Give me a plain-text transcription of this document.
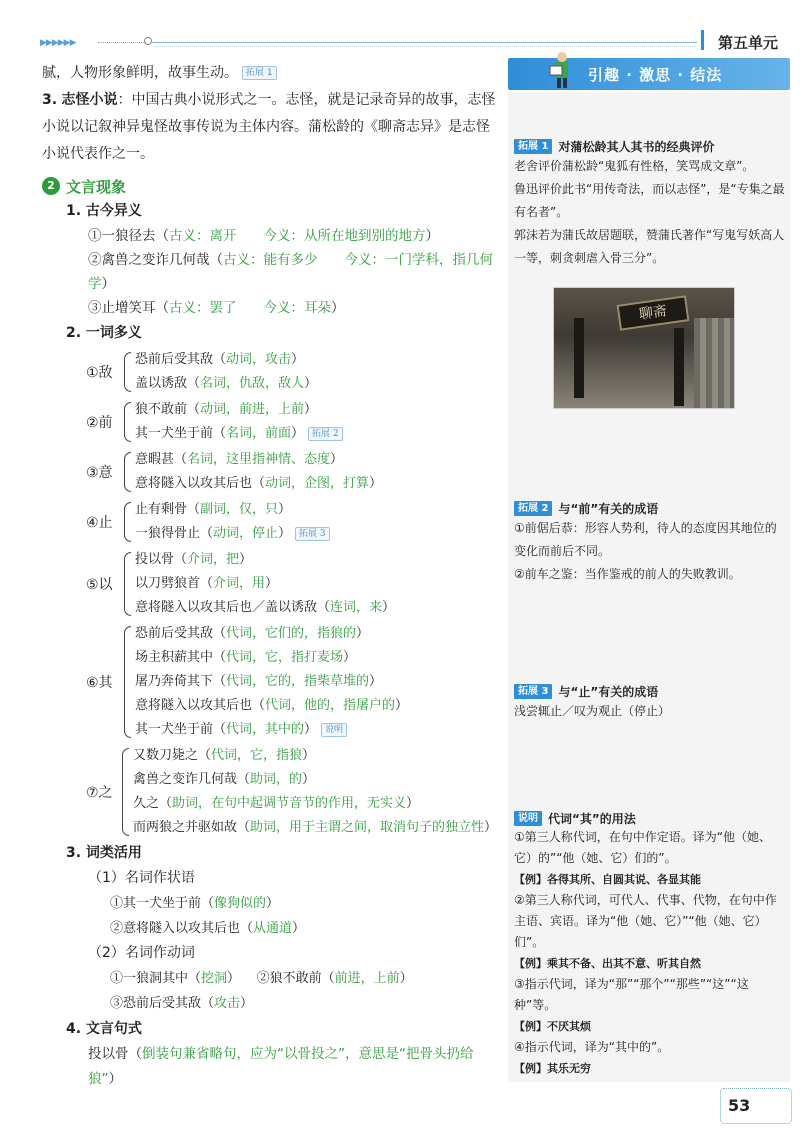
▶▶▶▶▶▶	第五单元
腻，人物形象鲜明，故事生动。 拓展 1
3. 志怪小说：中国古典小说形式之一。志怪，就是记录奇异的故事，志怪小说以记叙神异鬼怪故事传说为主体内容。蒲松龄的《聊斋志异》是志怪小说代表作之一。
2 文言现象
1. 古今异义
①一狼径去（古义：离开　　今义：从所在地到别的地方）
②禽兽之变诈几何哉（古义：能有多少　　今义：一门学科，指几何学）
③止增笑耳（古义：罢了　　今义：耳朵）
2. 一词多义
①敌
恐前后受其敌（动词，攻击）
盖以诱敌（名词，仇敌，敌人）
②前
狼不敢前（动词，前进，上前）
其一犬坐于前（名词，前面） 拓展 2
③意
意暇甚（名词，这里指神情、态度）
意将隧入以攻其后也（动词，企图，打算）
④止
止有剩骨（副词，仅，只）
一狼得骨止（动词，停止） 拓展 3
⑤以
投以骨（介词，把）
以刀劈狼首（介词，用）
意将隧入以攻其后也／盖以诱敌（连词，来）
⑥其
恐前后受其敌（代词，它们的，指狼的）
场主积薪其中（代词，它，指打麦场）
屠乃奔倚其下（代词，它的，指柴草堆的）
意将隧入以攻其后也（代词，他的，指屠户的）
其一犬坐于前（代词，其中的） 说明
⑦之
又数刀毙之（代词，它，指狼）
禽兽之变诈几何哉（助词，的）
久之（助词，在句中起调节音节的作用，无实义）
而两狼之并驱如故（助词，用于主谓之间，取消句子的独立性）
3. 词类活用
（1）名词作状语
①其一犬坐于前（像狗似的）
②意将隧入以攻其后也（从通道）
（2）名词作动词
①一狼洞其中（挖洞） ②狼不敢前（前进，上前）
③恐前后受其敌（攻击）
4. 文言句式
投以骨（倒装句兼省略句，应为“以骨投之”，意思是“把骨头扔给狼”）
引趣 · 激思 · 结法
拓展 1 对蒲松龄其人其书的经典评价
老舍评价蒲松龄“鬼狐有性格，笑骂成文章”。
鲁迅评价此书“用传奇法，而以志怪”，是“专集之最有名者”。
郭沫若为蒲氏故居题联，赞蒲氏著作“写鬼写妖高人一等，刺贪刺虐入骨三分”。
聊斋
拓展 2 与“前”有关的成语
①前倨后恭：形容人势利，待人的态度因其地位的变化而前后不同。
②前车之鉴：当作鉴戒的前人的失败教训。
拓展 3 与“止”有关的成语
浅尝辄止／叹为观止（停止）
说明 代词“其”的用法
①第三人称代词，在句中作定语。译为“他（她、它）的”“他（她、它）们的”。
【例】各得其所、自圆其说、各显其能
②第三人称代词，可代人、代事、代物，在句中作主语、宾语。译为“他（她、它）”“他（她、它）们”。
【例】乘其不备、出其不意、听其自然
③指示代词，译为“那”“那个”“那些”“这”“这种”等。
【例】不厌其烦
④指示代词，译为“其中的”。
【例】其乐无穷
53
